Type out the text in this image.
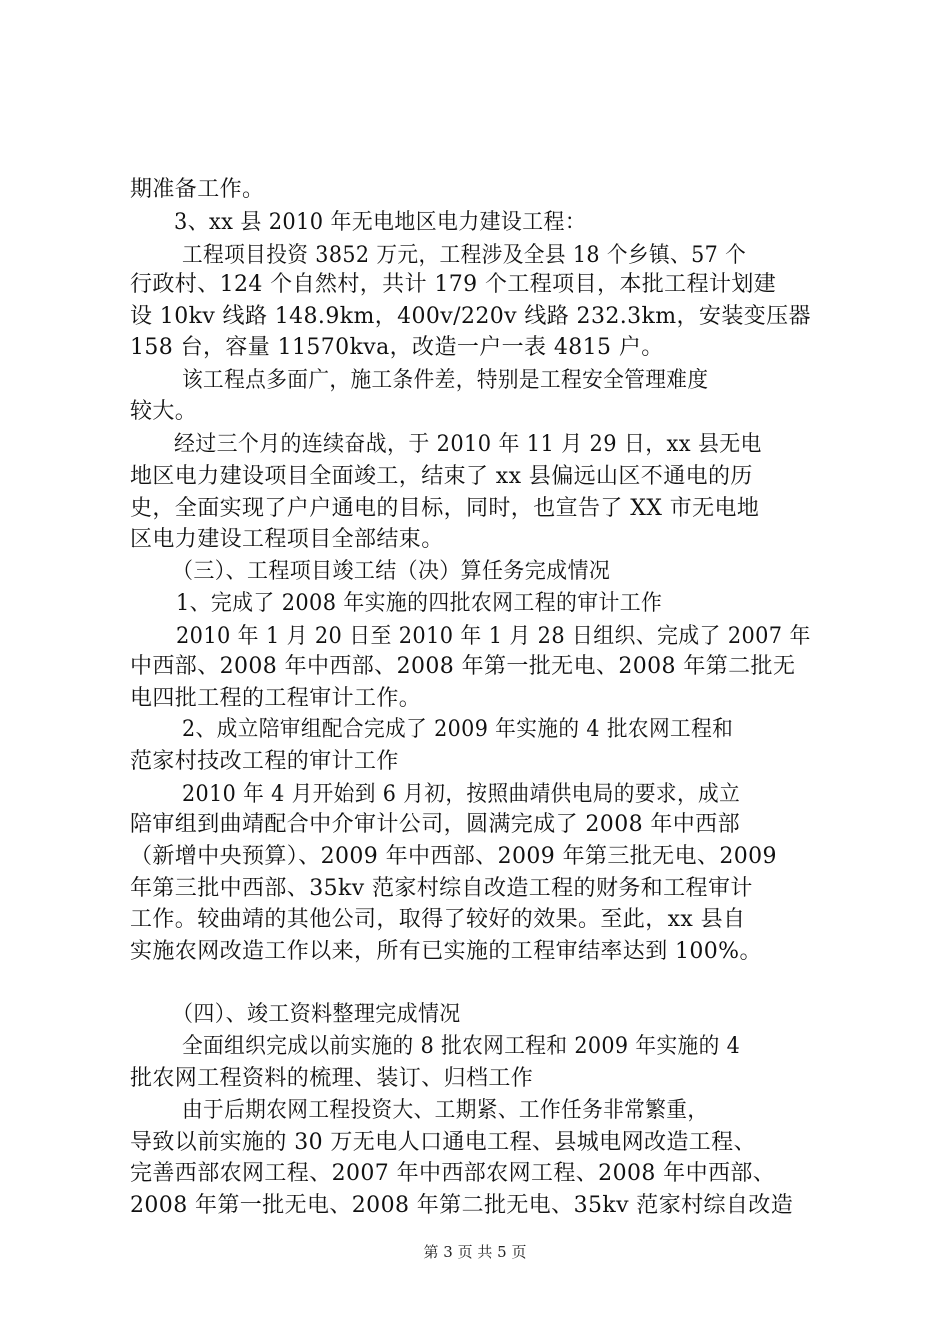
期准备工作。
3、xx 县 2010 年无电地区电力建设工程：
工程项目投资 3852 万元，工程涉及全县 18 个乡镇、57 个
行政村、124 个自然村，共计 179 个工程项目，本批工程计划建
设 10kv 线路 148.9km，400v/220v 线路 232.3km，安装变压器
158 台，容量 11570kva，改造一户一表 4815 户。
该工程点多面广，施工条件差，特别是工程安全管理难度
较大。
经过三个月的连续奋战，于 2010 年 11 月 29 日，xx 县无电
地区电力建设项目全面竣工，结束了 xx 县偏远山区不通电的历
史，全面实现了户户通电的目标，同时，也宣告了 XX 市无电地
区电力建设工程项目全部结束。
（三）、工程项目竣工结（决）算任务完成情况
1、完成了 2008 年实施的四批农网工程的审计工作
2010 年 1 月 20 日至 2010 年 1 月 28 日组织、完成了 2007 年
中西部、2008 年中西部、2008 年第一批无电、2008 年第二批无
电四批工程的工程审计工作。
2、成立陪审组配合完成了 2009 年实施的 4 批农网工程和
范家村技改工程的审计工作
2010 年 4 月开始到 6 月初，按照曲靖供电局的要求，成立
陪审组到曲靖配合中介审计公司，圆满完成了 2008 年中西部
（新增中央预算）、2009 年中西部、2009 年第三批无电、2009
年第三批中西部、35kv 范家村综自改造工程的财务和工程审计
工作。较曲靖的其他公司，取得了较好的效果。至此，xx 县自
实施农网改造工作以来，所有已实施的工程审结率达到 100%。
（四）、竣工资料整理完成情况
全面组织完成以前实施的 8 批农网工程和 2009 年实施的 4
批农网工程资料的梳理、装订、归档工作
由于后期农网工程投资大、工期紧、工作任务非常繁重，
导致以前实施的 30 万无电人口通电工程、县城电网改造工程、
完善西部农网工程、2007 年中西部农网工程、2008 年中西部、
2008 年第一批无电、2008 年第二批无电、35kv 范家村综自改造
第 3 页 共 5 页
